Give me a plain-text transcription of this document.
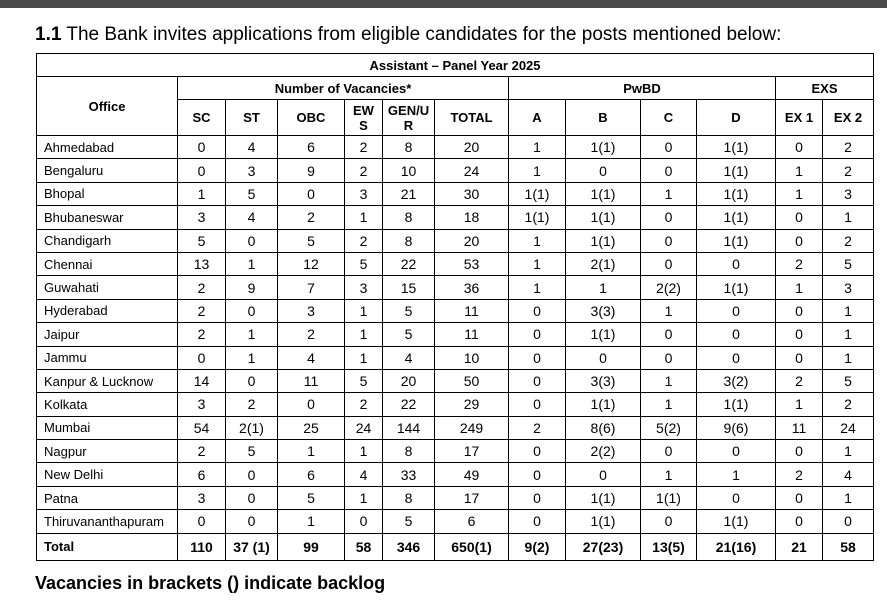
1.1 The Bank invites applications from eligible candidates for the posts mentioned below:
Assistant – Panel Year 2025												
Office	Number of Vacancies*						PwBD				EXS	
	SC	ST	OBC	EWS	GEN/UR	TOTAL	A	B	C	D	EX 1	EX 2
Ahmedabad	0	4	6	2	8	20	1	1(1)	0	1(1)	0	2
Bengaluru	0	3	9	2	10	24	1	0	0	1(1)	1	2
Bhopal	1	5	0	3	21	30	1(1)	1(1)	1	1(1)	1	3
Bhubaneswar	3	4	2	1	8	18	1(1)	1(1)	0	1(1)	0	1
Chandigarh	5	0	5	2	8	20	1	1(1)	0	1(1)	0	2
Chennai	13	1	12	5	22	53	1	2(1)	0	0	2	5
Guwahati	2	9	7	3	15	36	1	1	2(2)	1(1)	1	3
Hyderabad	2	0	3	1	5	11	0	3(3)	1	0	0	1
Jaipur	2	1	2	1	5	11	0	1(1)	0	0	0	1
Jammu	0	1	4	1	4	10	0	0	0	0	0	1
Kanpur & Lucknow	14	0	11	5	20	50	0	3(3)	1	3(2)	2	5
Kolkata	3	2	0	2	22	29	0	1(1)	1	1(1)	1	2
Mumbai	54	2(1)	25	24	144	249	2	8(6)	5(2)	9(6)	11	24
Nagpur	2	5	1	1	8	17	0	2(2)	0	0	0	1
New Delhi	6	0	6	4	33	49	0	0	1	1	2	4
Patna	3	0	5	1	8	17	0	1(1)	1(1)	0	0	1
Thiruvananthapuram	0	0	1	0	5	6	0	1(1)	0	1(1)	0	0
Total	110	37 (1)	99	58	346	650(1)	9(2)	27(23)	13(5)	21(16)	21	58
Vacancies in brackets () indicate backlog
